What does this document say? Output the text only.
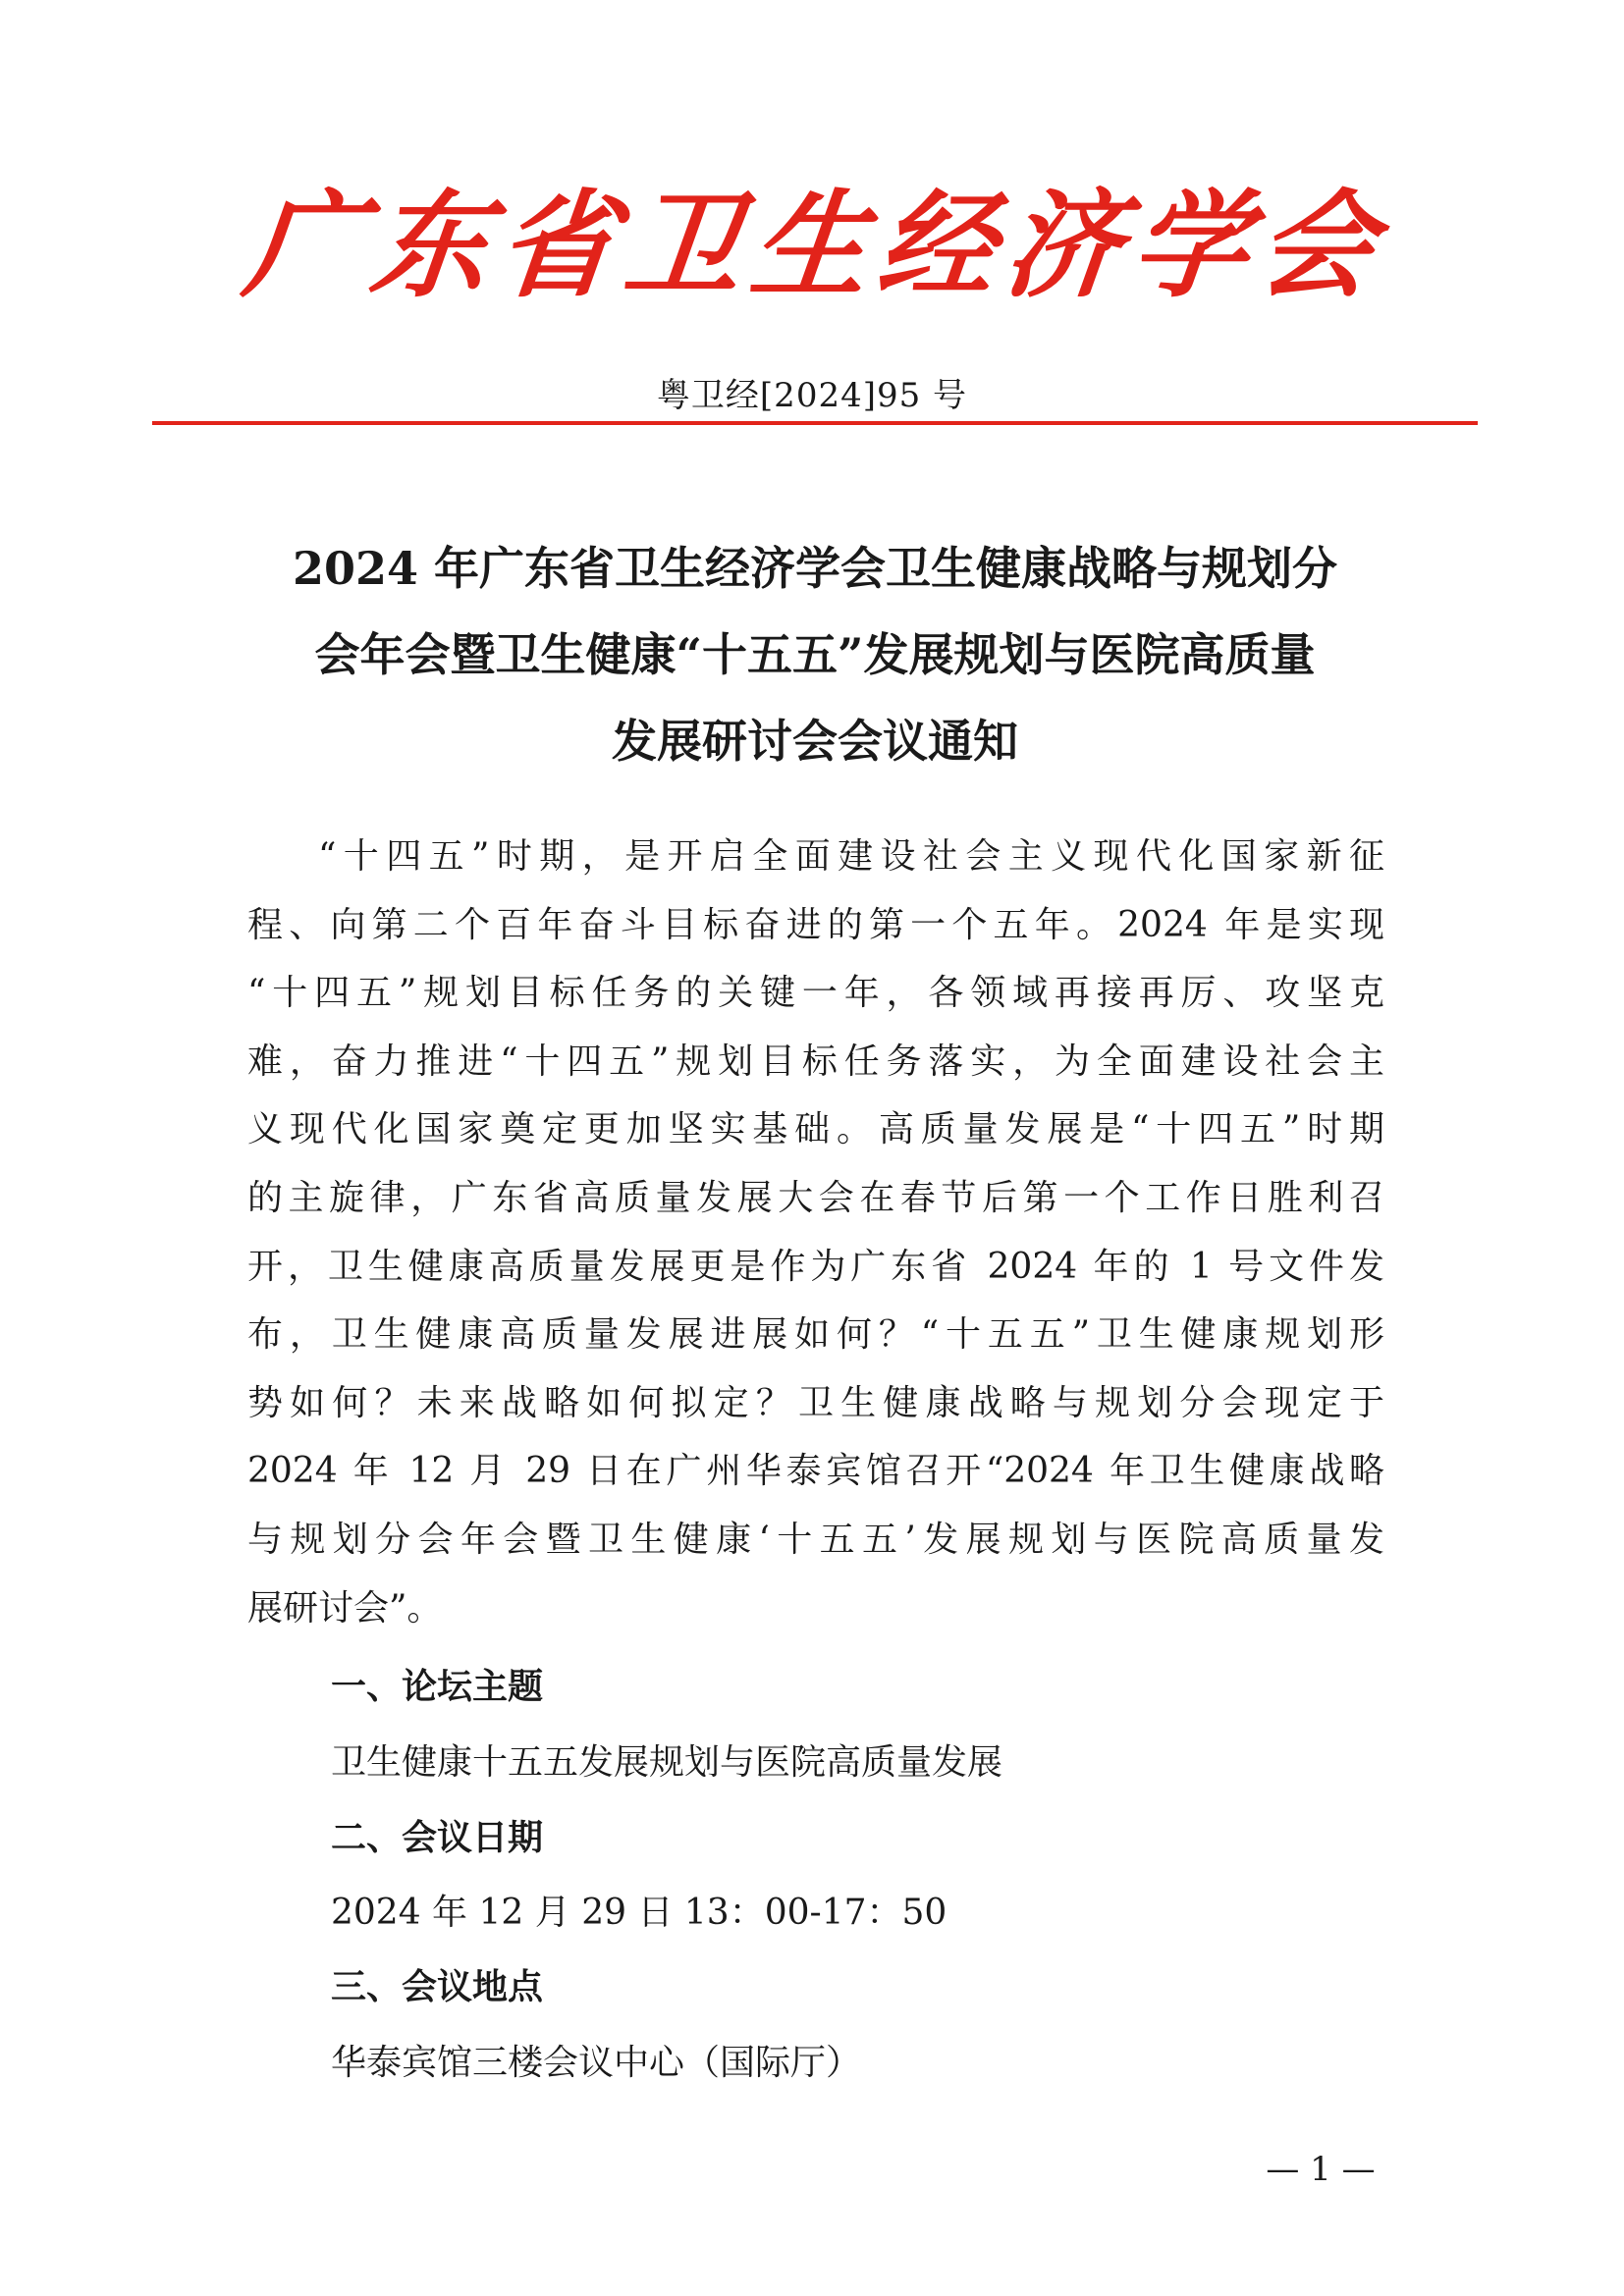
广
东
省
卫
生
经
济
学
会
粤卫经[2024]95 号
2024 年广东省卫生经济学会卫生健康战略与规划分
会年会暨卫生健康“十五五”发展规划与医院高质量
发展研讨会会议通知
“十四五”时期，是开启全面建设社会主义现代化国家新征
程、向第二个百年奋斗目标奋进的第一个五年。2024 年是实现
“十四五”规划目标任务的关键一年，各领域再接再厉、攻坚克
难，奋力推进“十四五”规划目标任务落实，为全面建设社会主
义现代化国家奠定更加坚实基础。高质量发展是“十四五”时期
的主旋律，广东省高质量发展大会在春节后第一个工作日胜利召
开，卫生健康高质量发展更是作为广东省 2024 年的 1 号文件发
布，卫生健康高质量发展进展如何？“十五五”卫生健康规划形
势如何？未来战略如何拟定？卫生健康战略与规划分会现定于
2024 年 12 月 29 日在广州华泰宾馆召开“2024 年卫生健康战略
与规划分会年会暨卫生健康‘十五五’发展规划与医院高质量发
展研讨会”。
一、论坛主题
卫生健康十五五发展规划与医院高质量发展
二、会议日期
2024 年 12 月 29 日 13：00-17：50
三、会议地点
华泰宾馆三楼会议中心（国际厅）
— 1 —
